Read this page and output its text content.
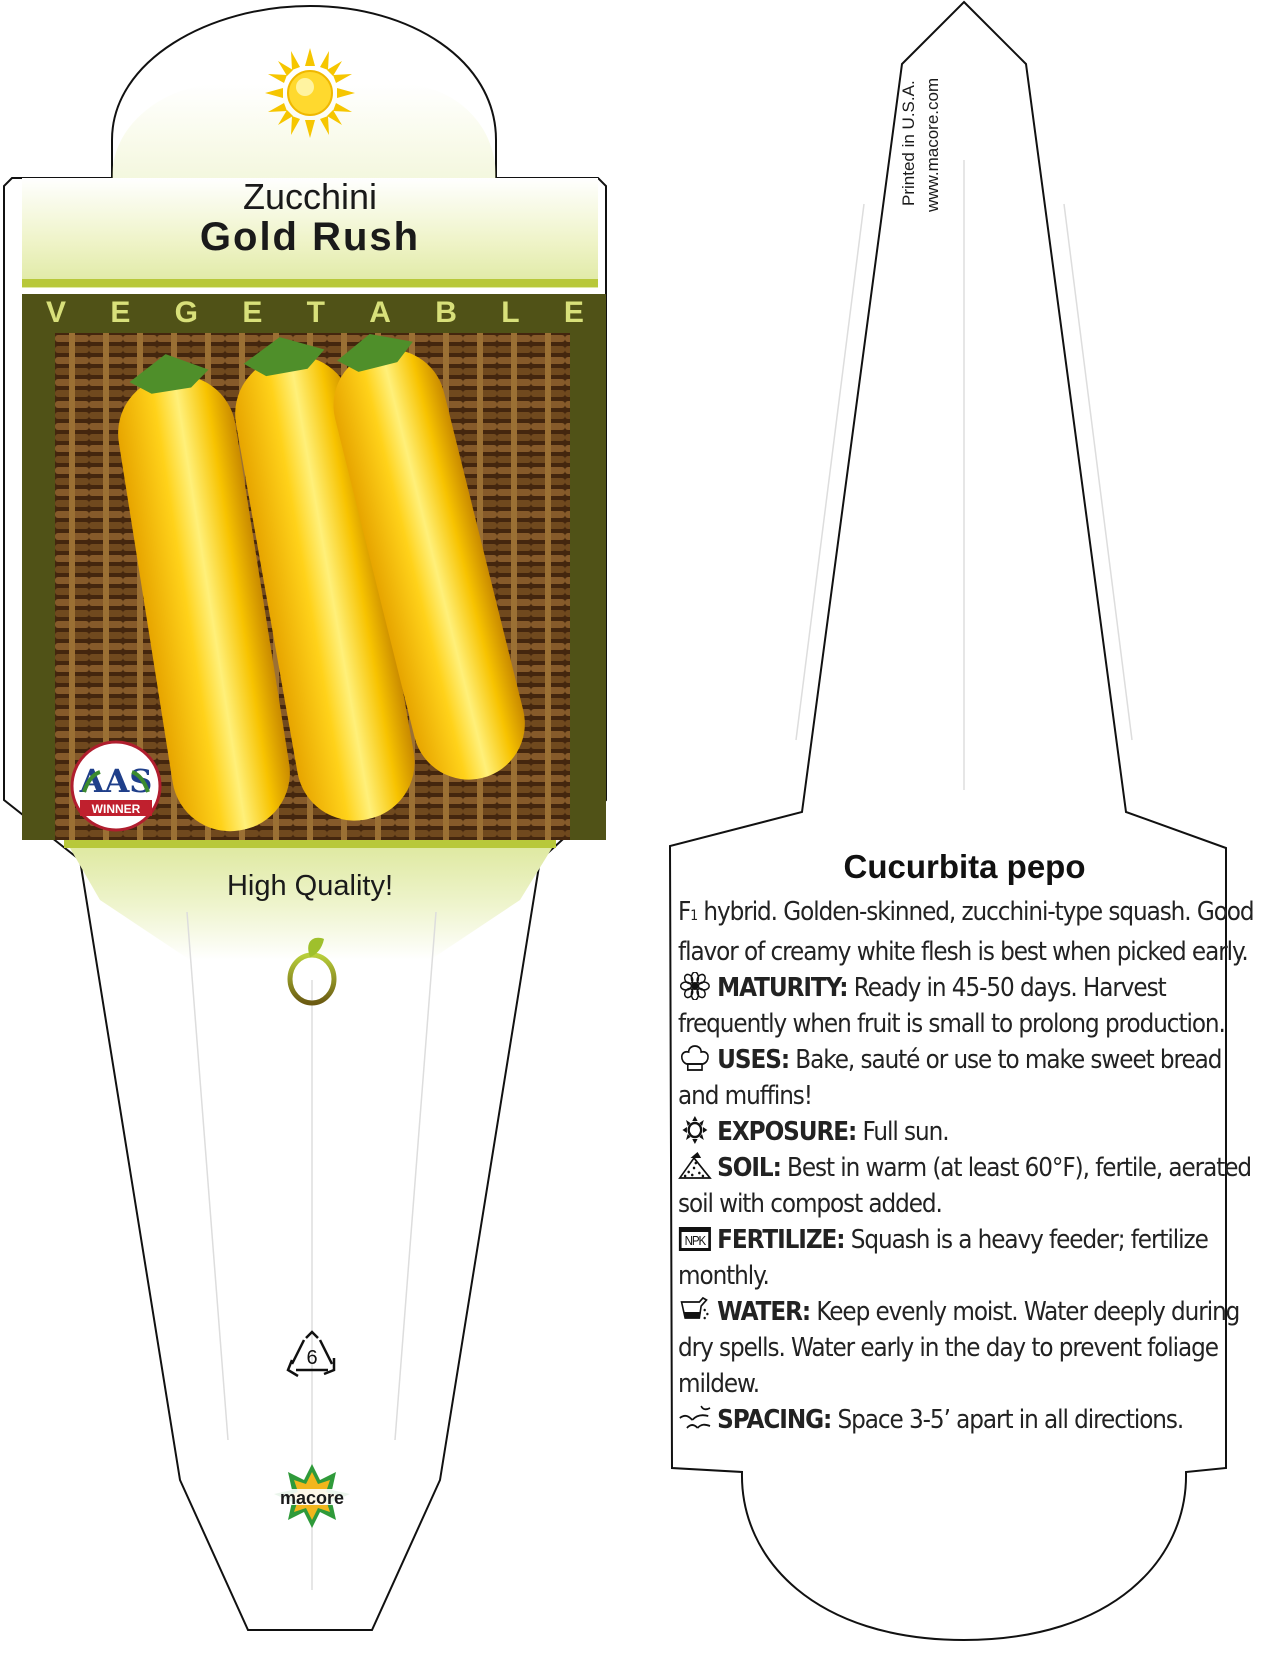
Zucchini
Gold Rush
V E G E T A B L E
AAS
WINNER
High Quality!
6
macore
Printed in U.S.A. www.macore.com
Cucurbita pepo

F1 hybrid. Golden-skinned, zucchini-type squash. Good flavor of creamy white flesh is best when picked early.

MATURITY: Ready in 45-50 days. Harvest frequently when fruit is small to prolong production.

USES: Bake, sauté or use to make sweet bread and muffins!

EXPOSURE: Full sun.

SOIL: Best in warm (at least 60°F), fertile, aerated soil with compost added.

NPK FERTILIZE: Squash is a heavy feeder; fertilize monthly.

WATER: Keep evenly moist. Water deeply during dry spells. Water early in the day to prevent foliage mildew.

SPACING: Space 3-5’ apart in all directions.
